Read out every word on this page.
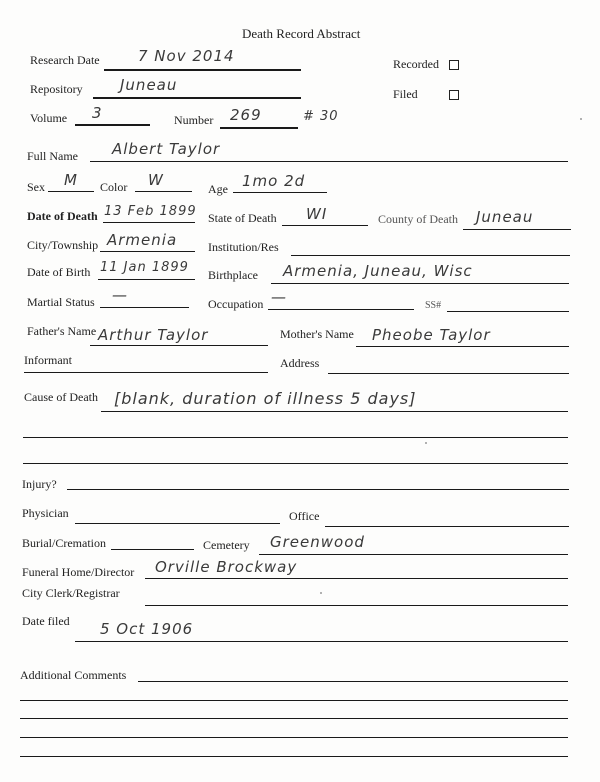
Death Record Abstract
Research Date	7 Nov 2014	Recorded
Repository Juneau	Filed
Volume 3	Number 269	# 30
Full Name Albert Taylor
Sex M Color W	Age 1mo 2d
Date of Death 13 Feb 1899 State of Death WI	County of Death Juneau
City/Township Armenia	Institution/Res
Date of Birth 11 Jan 1899 Birthplace Armenia, Juneau, Wisc
Martial Status —	Occupation —	SS#
Father's Name Arthur Taylor	Mother's Name Pheobe Taylor
Informant	Address
Cause of Death [blank, duration of illness 5 days]
Injury?
Physician	Office
Burial/Cremation	Cemetery Greenwood
Funeral Home/Director Orville Brockway
City Clerk/Registrar
Date filed 5 Oct 1906
Additional Comments
